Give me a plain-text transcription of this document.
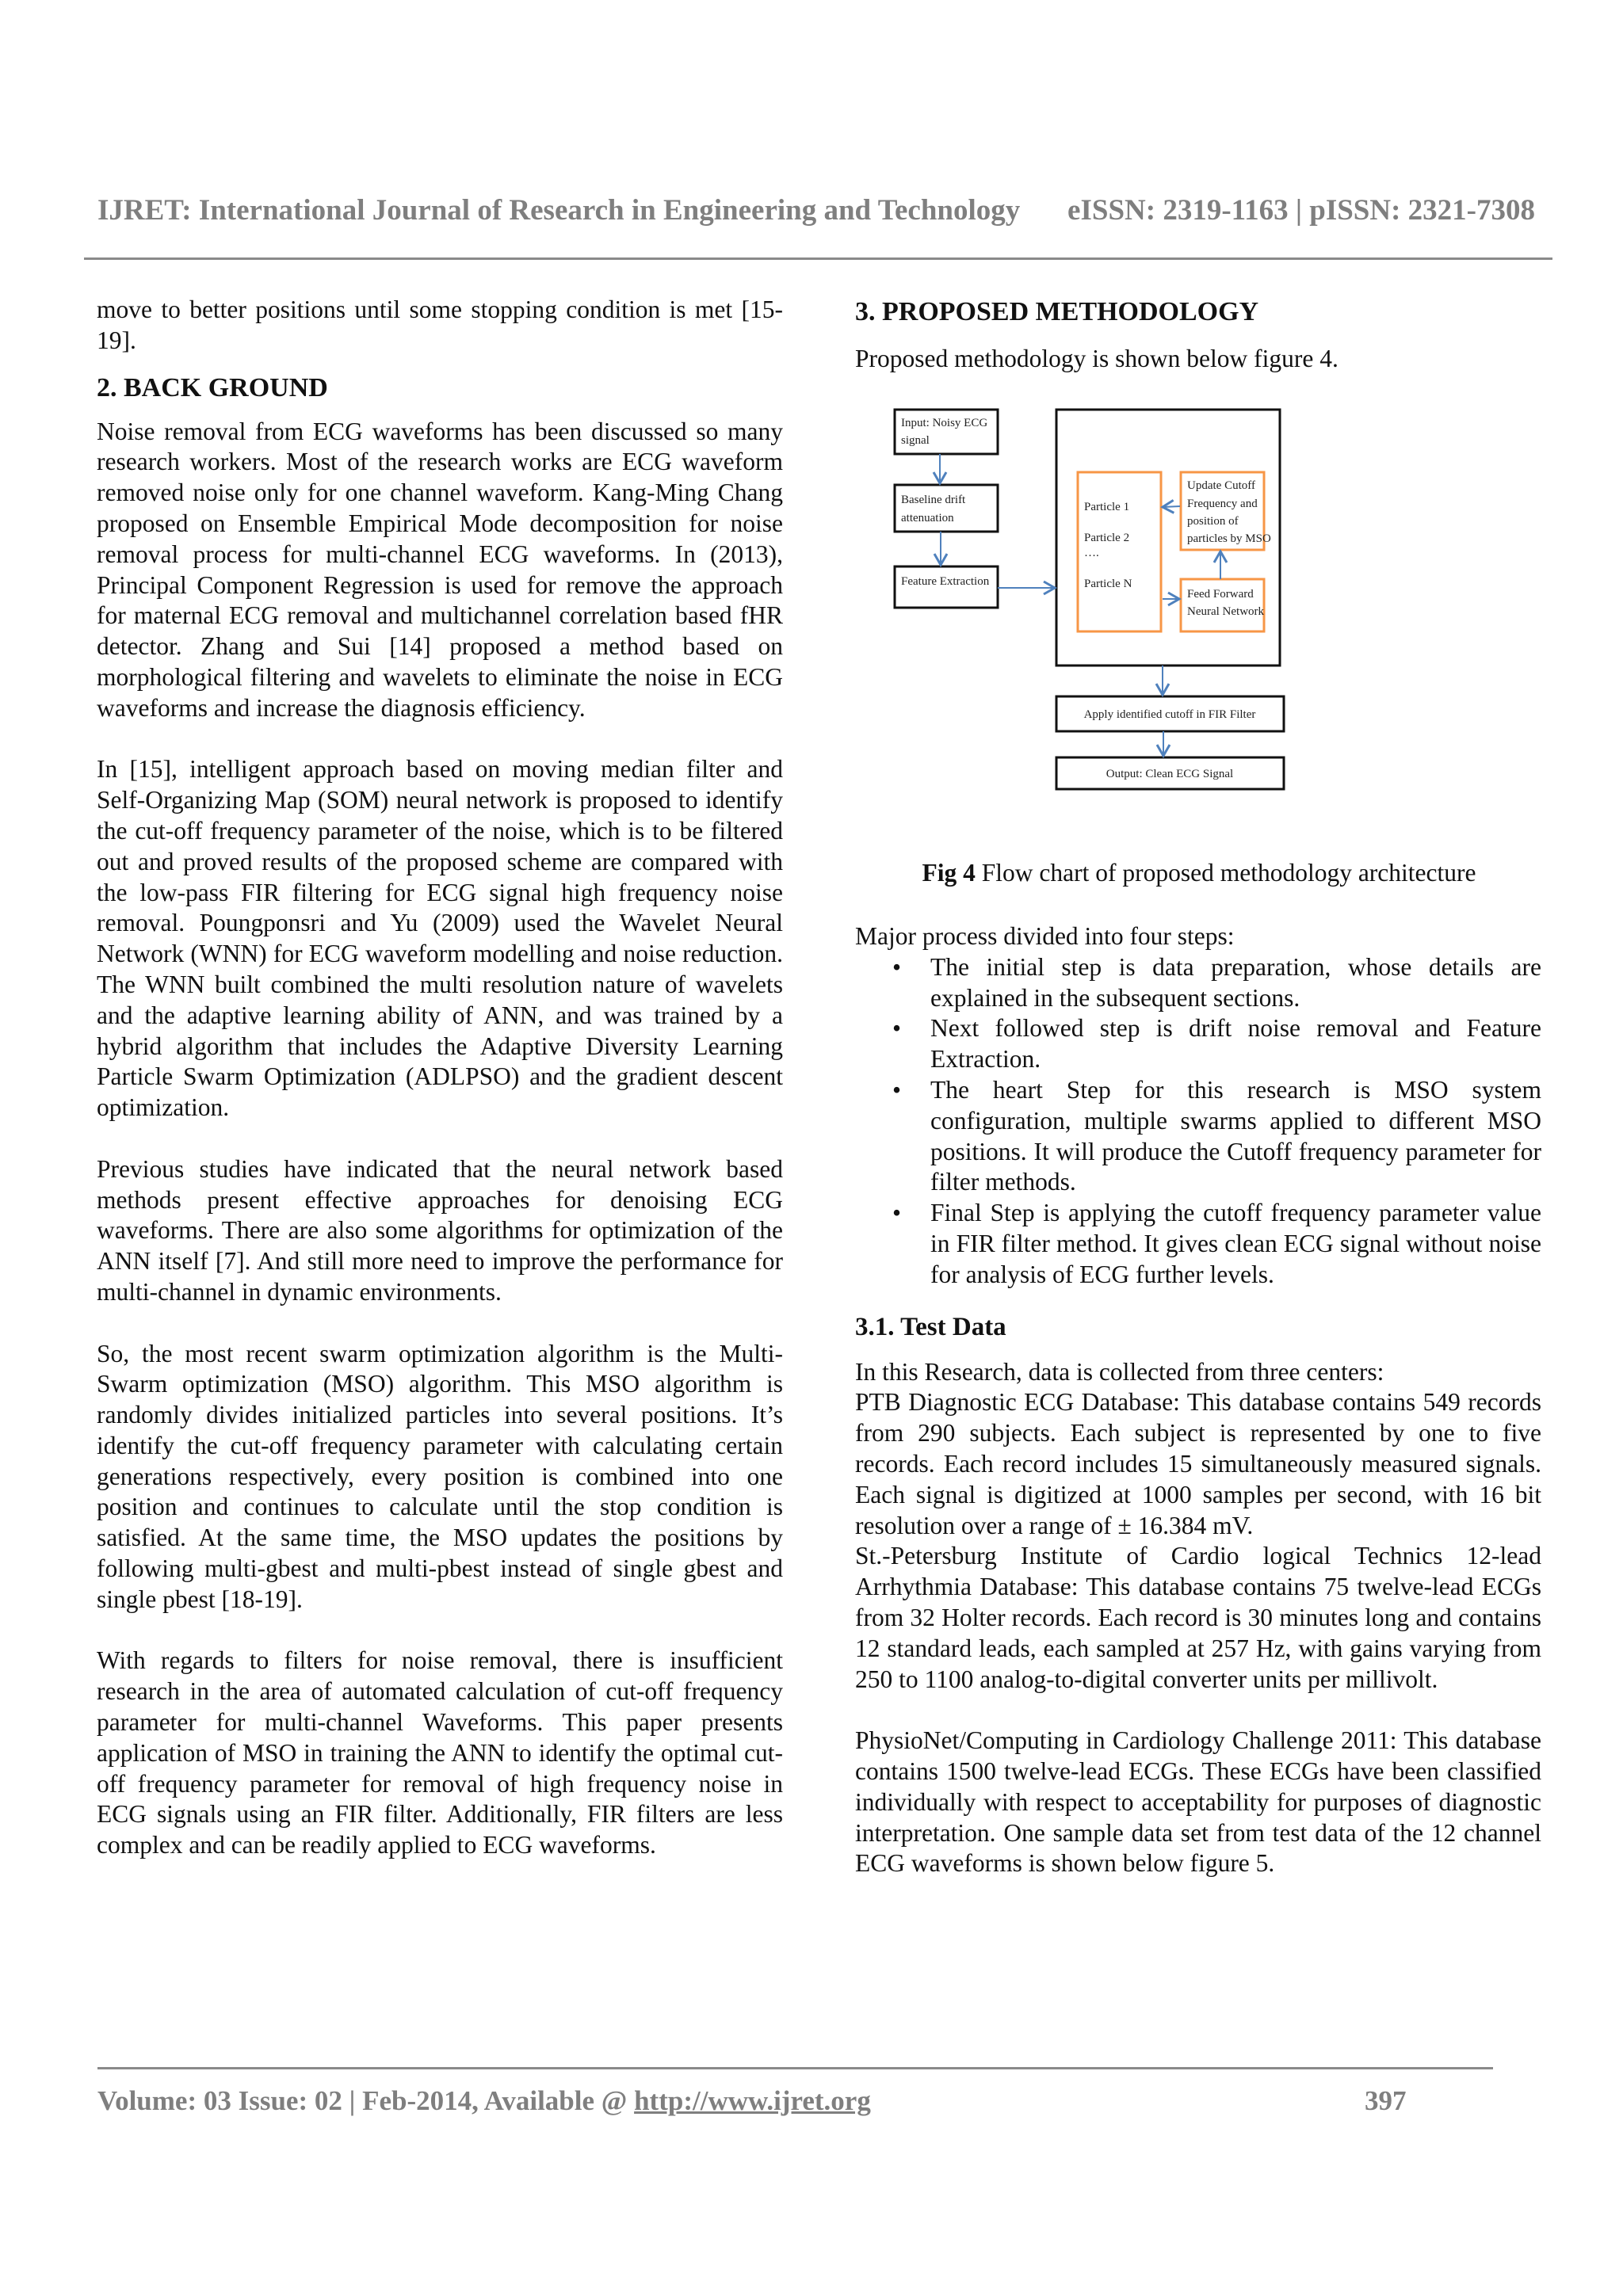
IJRET: International Journal of Research in Engineering and Technology eISSN: 2319-1163 | pISSN: 2321-7308

move to better positions until some stopping condition is met [15-19].

2. BACK GROUND

Noise removal from ECG waveforms has been discussed so many research workers. Most of the research works are ECG waveform removed noise only for one channel waveform. Kang-Ming Chang proposed on Ensemble Empirical Mode decomposition for noise removal process for multi-channel ECG waveforms. In (2013), Principal Component Regression is used for remove the approach for maternal ECG removal and multichannel correlation based fHR detector. Zhang and Sui [14] proposed a method based on morphological filtering and wavelets to eliminate the noise in ECG waveforms and increase the diagnosis efficiency.

In [15], intelligent approach based on moving median filter and Self-Organizing Map (SOM) neural network is proposed to identify the cut-off frequency parameter of the noise, which is to be filtered out and proved results of the proposed scheme are compared with the low-pass FIR filtering for ECG signal high frequency noise removal. Poungponsri and Yu (2009) used the Wavelet Neural Network (WNN) for ECG waveform modelling and noise reduction. The WNN built combined the multi resolution nature of wavelets and the adaptive learning ability of ANN, and was trained by a hybrid algorithm that includes the Adaptive Diversity Learning Particle Swarm Optimization (ADLPSO) and the gradient descent optimization.

Previous studies have indicated that the neural network based methods present effective approaches for denoising ECG waveforms. There are also some algorithms for optimization of the ANN itself [7]. And still more need to improve the performance for multi-channel in dynamic environments.

So, the most recent swarm optimization algorithm is the Multi-Swarm optimization (MSO) algorithm. This MSO algorithm is randomly divides initialized particles into several positions. It’s identify the cut-off frequency parameter with calculating certain generations respectively, every position is combined into one position and continues to calculate until the stop condition is satisfied. At the same time, the MSO updates the positions by following multi-gbest and multi-pbest instead of single gbest and single pbest [18-19].

With regards to filters for noise removal, there is insufficient research in the area of automated calculation of cut-off frequency parameter for multi-channel Waveforms. This paper presents application of MSO in training the ANN to identify the optimal cut-off frequency parameter for removal of high frequency noise in ECG signals using an FIR filter. Additionally, FIR filters are less complex and can be readily applied to ECG waveforms.

3. PROPOSED METHODOLOGY

Proposed methodology is shown below figure 4.

Input: Noisy ECG
signal
Baseline drift
attenuation
Feature Extraction
Particle 1
Particle 2
….
Particle N
Update Cutoff
Frequency and
position of
particles by MSO
Feed Forward
Neural Network
Apply identified cutoff in FIR Filter
Output: Clean ECG Signal
Fig 4 Flow chart of proposed methodology architecture
Major process divided into four steps:
• The initial step is data preparation, whose details are explained in the subsequent sections.
• Next followed step is drift noise removal and Feature Extraction.
• The heart Step for this research is MSO system configuration, multiple swarms applied to different MSO positions. It will produce the Cutoff frequency parameter for filter methods.
• Final Step is applying the cutoff frequency parameter value in FIR filter method. It gives clean ECG signal without noise for analysis of ECG further levels.
3.1. Test Data
In this Research, data is collected from three centers:

PTB Diagnostic ECG Database: This database contains 549 records from 290 subjects. Each subject is represented by one to five records. Each record includes 15 simultaneously measured signals. Each signal is digitized at 1000 samples per second, with 16 bit resolution over a range of ± 16.384 mV.

St.-Petersburg Institute of Cardio logical Technics 12-lead Arrhythmia Database: This database contains 75 twelve-lead ECGs from 32 Holter records. Each record is 30 minutes long and contains 12 standard leads, each sampled at 257 Hz, with gains varying from 250 to 1100 analog-to-digital converter units per millivolt.

PhysioNet/Computing in Cardiology Challenge 2011: This database contains 1500 twelve-lead ECGs. These ECGs have been classified individually with respect to acceptability for purposes of diagnostic interpretation. One sample data set from test data of the 12 channel ECG waveforms is shown below figure 5.

Volume: 03 Issue: 02 | Feb-2014, Available @ http://www.ijret.org	397
